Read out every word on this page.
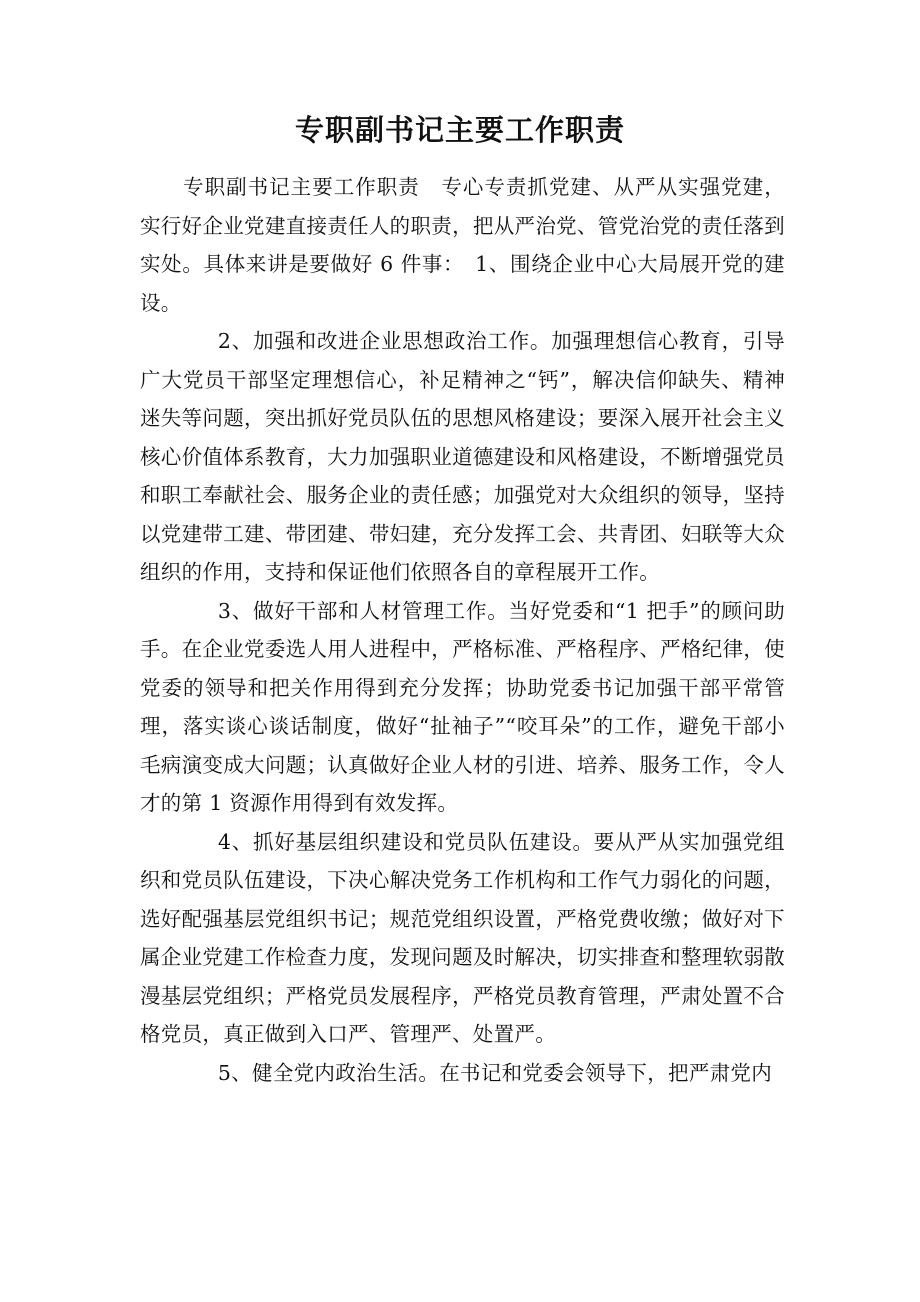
专职副书记主要工作职责

专职副书记主要工作职责　专心专责抓党建、从严从实强党建，实行好企业党建直接责任人的职责，把从严治党、管党治党的责任落到实处。具体来讲是要做好 6 件事：　1、围绕企业中心大局展开党的建设。

2、加强和改进企业思想政治工作。加强理想信心教育，引导广大党员干部坚定理想信心，补足精神之“钙”，解决信仰缺失、精神迷失等问题，突出抓好党员队伍的思想风格建设；要深入展开社会主义核心价值体系教育，大力加强职业道德建设和风格建设，不断增强党员和职工奉献社会、服务企业的责任感；加强党对大众组织的领导，坚持以党建带工建、带团建、带妇建，充分发挥工会、共青团、妇联等大众组织的作用，支持和保证他们依照各自的章程展开工作。

3、做好干部和人材管理工作。当好党委和“1 把手”的顾问助手。在企业党委选人用人进程中，严格标准、严格程序、严格纪律，使党委的领导和把关作用得到充分发挥；协助党委书记加强干部平常管理，落实谈心谈话制度，做好“扯袖子”“咬耳朵”的工作，避免干部小毛病演变成大问题；认真做好企业人材的引进、培养、服务工作，令人才的第 1 资源作用得到有效发挥。

4、抓好基层组织建设和党员队伍建设。要从严从实加强党组织和党员队伍建设，下决心解决党务工作机构和工作气力弱化的问题，选好配强基层党组织书记；规范党组织设置，严格党费收缴；做好对下属企业党建工作检查力度，发现问题及时解决，切实排查和整理软弱散漫基层党组织；严格党员发展程序，严格党员教育管理，严肃处置不合格党员，真正做到入口严、管理严、处置严。

5、健全党内政治生活。在书记和党委会领导下，把严肃党内
